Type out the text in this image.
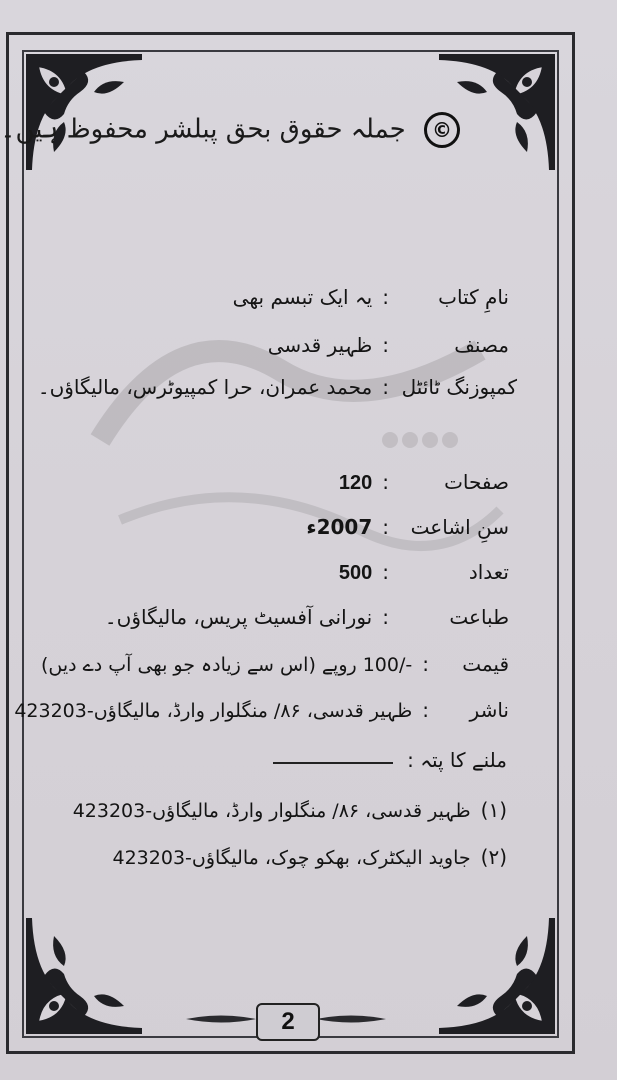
© جملہ حقوق بحق پبلشر محفوظ ہیں۔
نامِ کتاب:یہ ایک تبسم بھی
مصنف:ظہیر قدسی
کمپوزنگ ٹائٹل:محمد عمران، حرا کمپیوٹرس، مالیگاؤں۔
صفحات:120
سنِ اشاعت:2007ء
تعداد:500
طباعت:نورانی آفسیٹ پریس، مالیگاؤں۔
قیمت:-/100 روپے (اس سے زیادہ جو بھی آپ دے دیں)
ناشر:ظہیر قدسی، ۸۶/ منگلوار وارڈ، مالیگاؤں-423203
ملنے کا پتہ :
(۱)ظہیر قدسی، ۸۶/ منگلوار وارڈ، مالیگاؤں-423203
(۲)جاوید الیکٹرک، بھکو چوک، مالیگاؤں-423203
2
